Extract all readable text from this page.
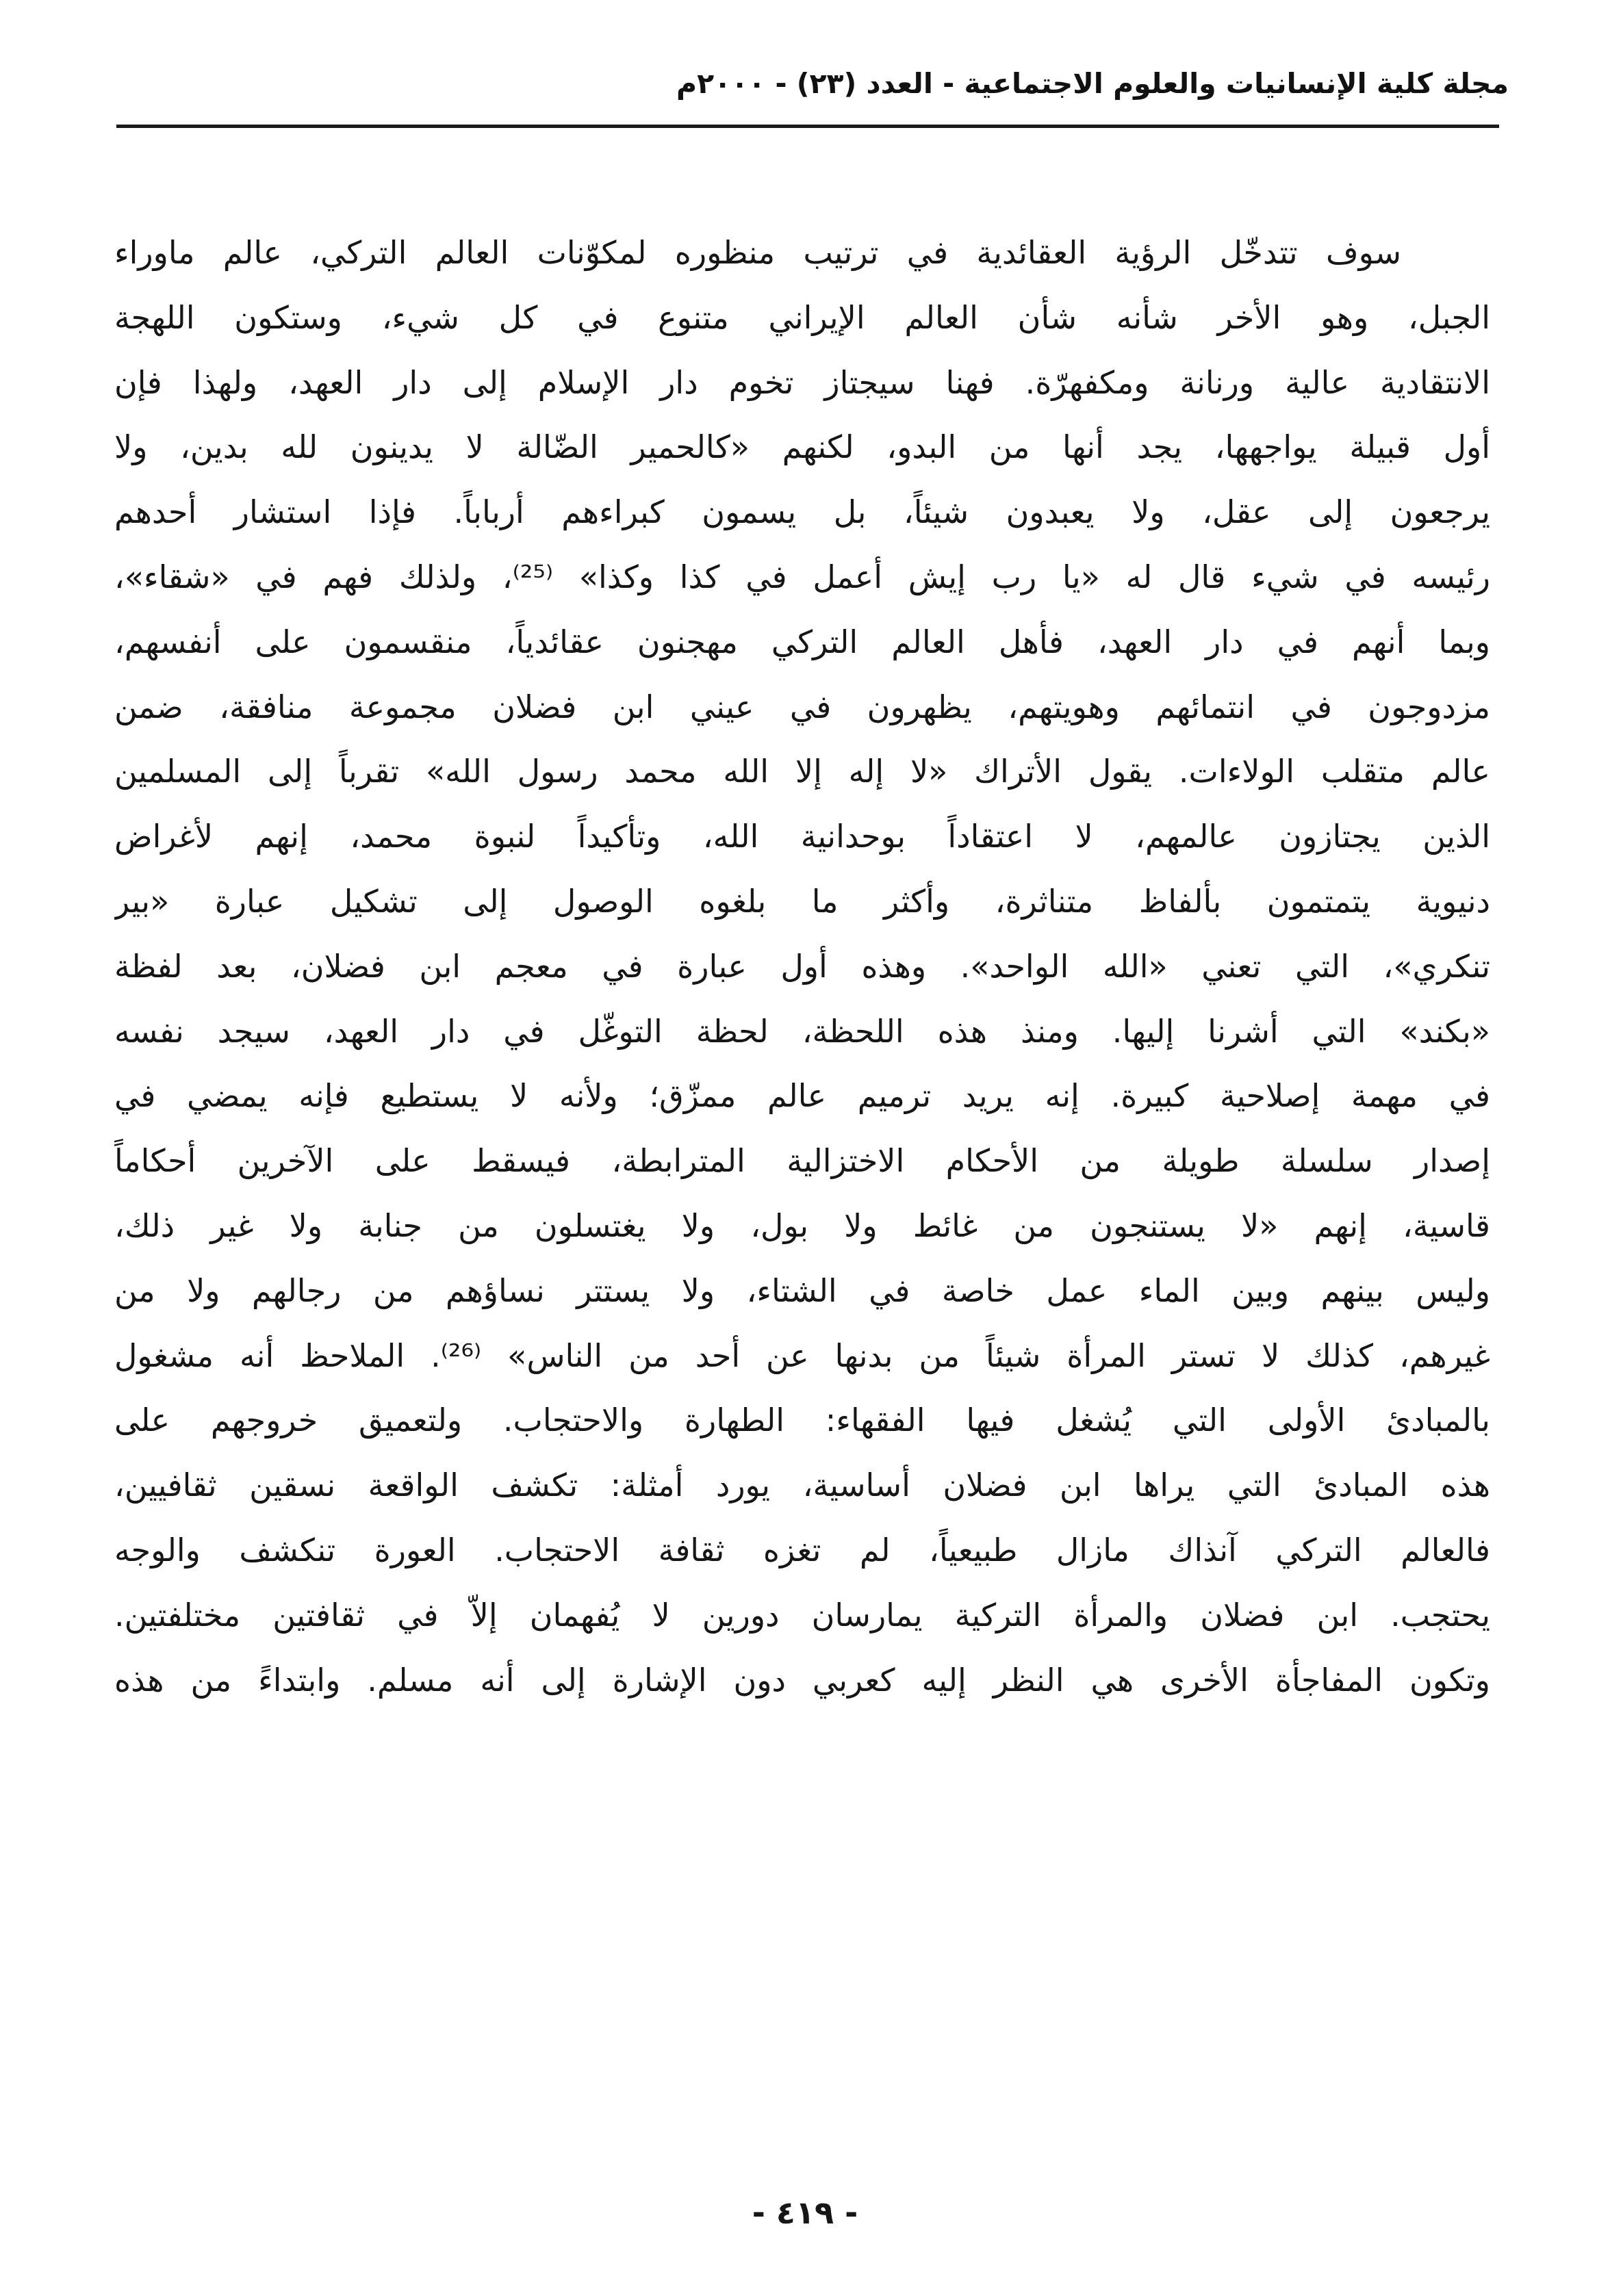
مجلة كلية الإنسانيات والعلوم الاجتماعية - العدد (٢٣) - ٢٠٠٠م
سوف تتدخّل الرؤية العقائدية في ترتيب منظوره لمكوّنات العالم التركي، عالم ماوراء
الجبل، وهو الأخر شأنه شأن العالم الإيراني متنوع في كل شيء، وستكون اللهجة
الانتقادية عالية ورنانة ومكفهرّة. فهنا سيجتاز تخوم دار الإسلام إلى دار العهد، ولهذا فإن
أول قبيلة يواجهها، يجد أنها من البدو، لكنهم «كالحمير الضّالة لا يدينون لله بدين، ولا
يرجعون إلى عقل، ولا يعبدون شيئاً، بل يسمون كبراءهم أرباباً. فإذا استشار أحدهم
رئيسه في شيء قال له «يا رب إيش أعمل في كذا وكذا» ⁽²⁵⁾، ولذلك فهم في «شقاء»،
وبما أنهم في دار العهد، فأهل العالم التركي مهجنون عقائدياً، منقسمون على أنفسهم،
مزدوجون في انتمائهم وهويتهم، يظهرون في عيني ابن فضلان مجموعة منافقة، ضمن
عالم متقلب الولاءات. يقول الأتراك «لا إله إلا الله محمد رسول الله» تقرباً إلى المسلمين
الذين يجتازون عالمهم، لا اعتقاداً بوحدانية الله، وتأكيداً لنبوة محمد، إنهم لأغراض
دنيوية يتمتمون بألفاظ متناثرة، وأكثر ما بلغوه الوصول إلى تشكيل عبارة «بير
تنكري»، التي تعني «الله الواحد». وهذه أول عبارة في معجم ابن فضلان، بعد لفظة
«بكند» التي أشرنا إليها. ومنذ هذه اللحظة، لحظة التوغّل في دار العهد، سيجد نفسه
في مهمة إصلاحية كبيرة. إنه يريد ترميم عالم ممزّق؛ ولأنه لا يستطيع فإنه يمضي في
إصدار سلسلة طويلة من الأحكام الاختزالية المترابطة، فيسقط على الآخرين أحكاماً
قاسية، إنهم «لا يستنجون من غائط ولا بول، ولا يغتسلون من جنابة ولا غير ذلك،
وليس بينهم وبين الماء عمل خاصة في الشتاء، ولا يستتر نساؤهم من رجالهم ولا من
غيرهم، كذلك لا تستر المرأة شيئاً من بدنها عن أحد من الناس» ⁽²⁶⁾. الملاحظ أنه مشغول
بالمبادئ الأولى التي يُشغل فيها الفقهاء: الطهارة والاحتجاب. ولتعميق خروجهم على
هذه المبادئ التي يراها ابن فضلان أساسية، يورد أمثلة: تكشف الواقعة نسقين ثقافيين،
فالعالم التركي آنذاك مازال طبيعياً، لم تغزه ثقافة الاحتجاب. العورة تنكشف والوجه
يحتجب. ابن فضلان والمرأة التركية يمارسان دورين لا يُفهمان إلاّ في ثقافتين مختلفتين.
وتكون المفاجأة الأخرى هي النظر إليه كعربي دون الإشارة إلى أنه مسلم. وابتداءً من هذه
- ٤١٩ -
